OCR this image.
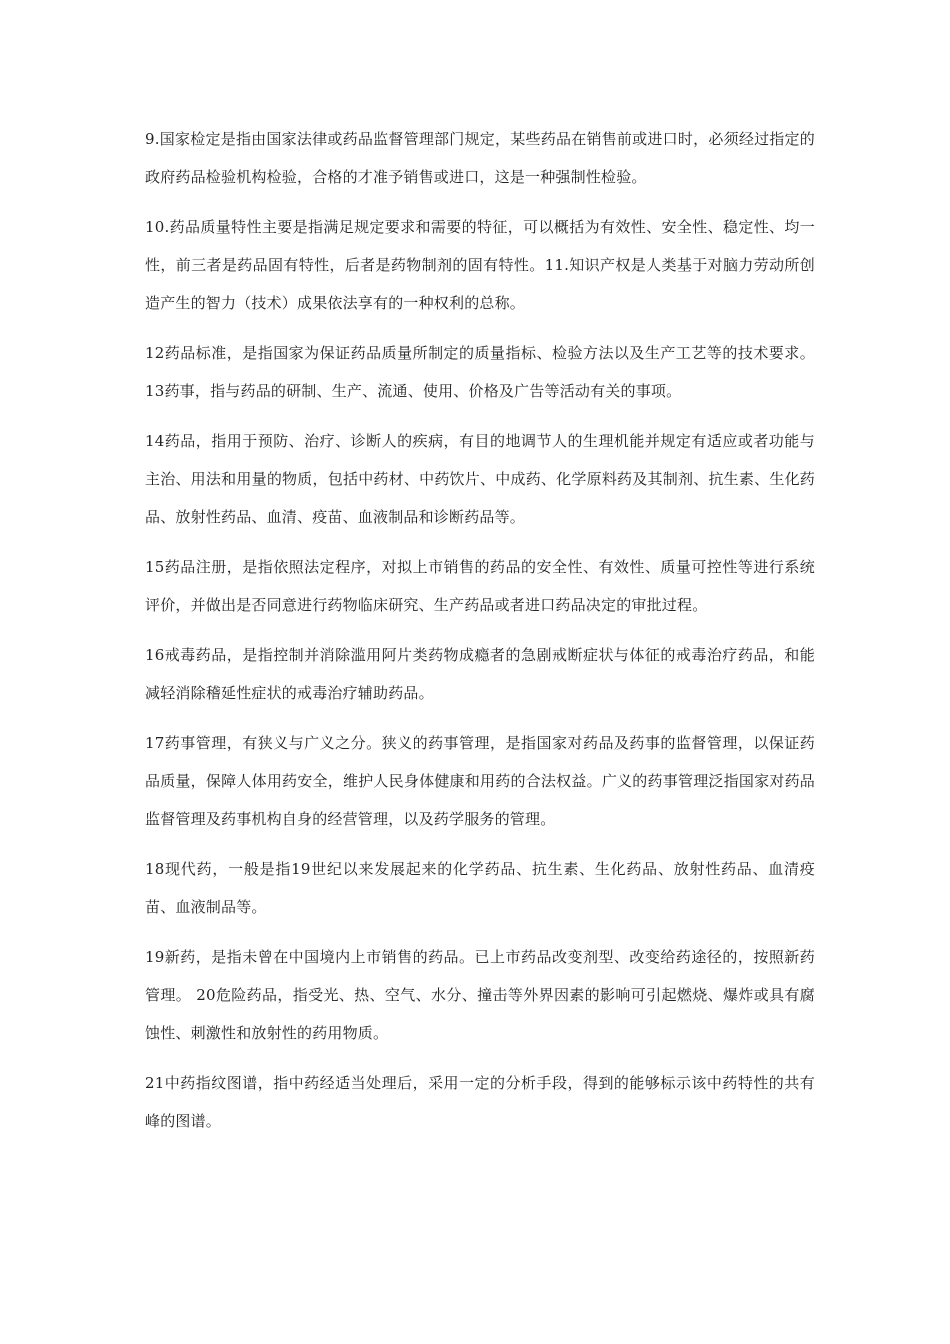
9.国家检定是指由国家法律或药品监督管理部门规定，某些药品在销售前或进口时，必须经过指定的政府药品检验机构检验，合格的才准予销售或进口，这是一种强制性检验。

10.药品质量特性主要是指满足规定要求和需要的特征，可以概括为有效性、安全性、稳定性、均一性，前三者是药品固有特性，后者是药物制剂的固有特性。11.知识产权是人类基于对脑力劳动所创造产生的智力（技术）成果依法享有的一种权利的总称。

12药品标准，是指国家为保证药品质量所制定的质量指标、检验方法以及生产工艺等的技术要求。 13药事，指与药品的研制、生产、流通、使用、价格及广告等活动有关的事项。

14药品，指用于预防、治疗、诊断人的疾病，有目的地调节人的生理机能并规定有适应或者功能与主治、用法和用量的物质，包括中药材、中药饮片、中成药、化学原料药及其制剂、抗生素、生化药品、放射性药品、血清、疫苗、血液制品和诊断药品等。

15药品注册，是指依照法定程序，对拟上市销售的药品的安全性、有效性、质量可控性等进行系统评价，并做出是否同意进行药物临床研究、生产药品或者进口药品决定的审批过程。

16戒毒药品，是指控制并消除滥用阿片类药物成瘾者的急剧戒断症状与体征的戒毒治疗药品，和能减轻消除稽延性症状的戒毒治疗辅助药品。

17药事管理，有狭义与广义之分。狭义的药事管理，是指国家对药品及药事的监督管理，以保证药品质量，保障人体用药安全，维护人民身体健康和用药的合法权益。广义的药事管理泛指国家对药品监督管理及药事机构自身的经营管理，以及药学服务的管理。

18现代药，一般是指19世纪以来发展起来的化学药品、抗生素、生化药品、放射性药品、血清疫苗、血液制品等。

19新药，是指未曾在中国境内上市销售的药品。已上市药品改变剂型、改变给药途径的，按照新药管理。 20危险药品，指受光、热、空气、水分、撞击等外界因素的影响可引起燃烧、爆炸或具有腐蚀性、刺激性和放射性的药用物质。

21中药指纹图谱，指中药经适当处理后，采用一定的分析手段，得到的能够标示该中药特性的共有峰的图谱。
